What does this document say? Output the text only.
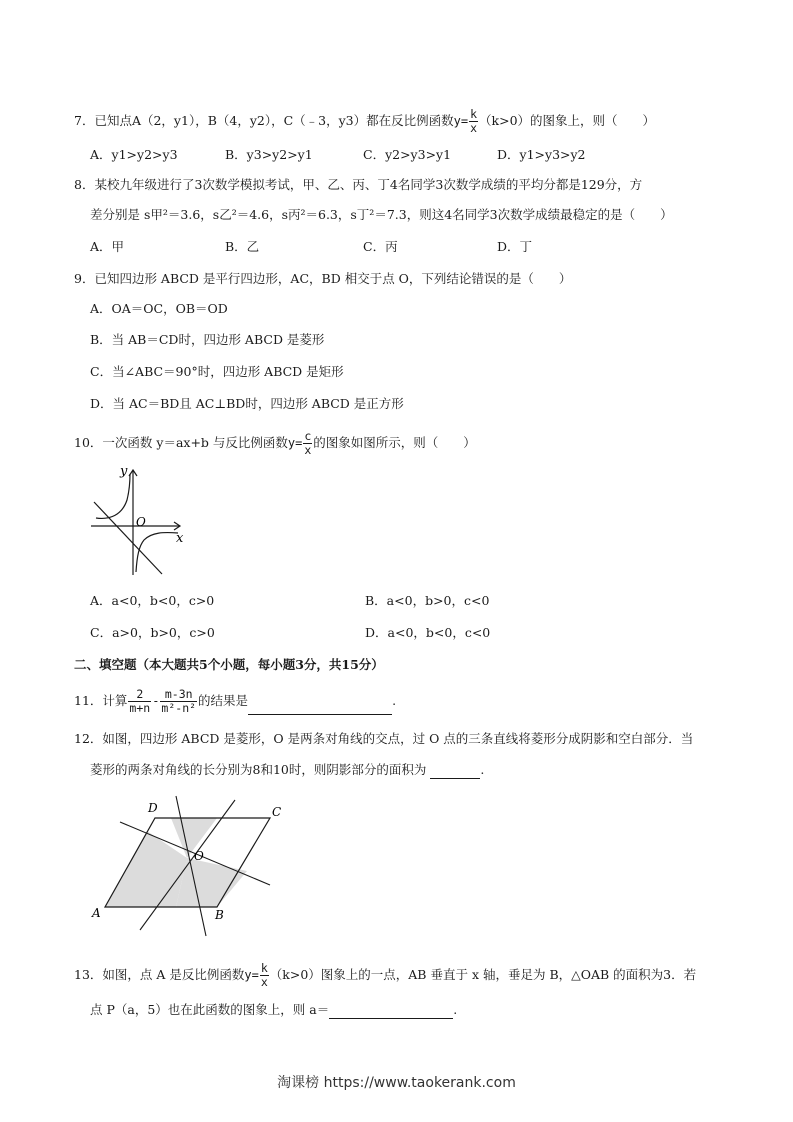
7．已知点A（2，y1），B（4，y2），C（﹣3，y3）都在反比例函数$y= \frac{k}{x} (k>0)$的图象上，则（　　）
A．y1>y2>y3	B．y3>y2>y1	C．y2>y3>y1	D．y1>y3>y2
8．某校九年级进行了3次数学模拟考试，甲、乙、丙、丁4名同学3次数学成绩的平均分都是129分，方
差分别是 s甲²＝3.6，s乙²＝4.6，s丙²＝6.3，s丁²＝7.3，则这4名同学3次数学成绩最稳定的是（　　）
A．甲	B．乙	C．丙	D．丁
9．已知四边形 ABCD 是平行四边形，AC，BD 相交于点 O，下列结论错误的是（　　）
A．OA＝OC，OB＝OD
B．当 AB＝CD时，四边形 ABCD 是菱形
C．当∠ABC＝90°时，四边形 ABCD 是矩形
D．当 AC＝BD且 AC⊥BD时，四边形 ABCD 是正方形
10．一次函数 y＝ax+b 与反比例函数$y= \frac{c}{x}$ 的图象如图所示，则（　　）
y
x
O
A．a<0，b<0，c>0	B．a<0，b>0，c<0
C．a>0，b>0，c>0	D．a<0，b<0，c<0
二、填空题（本大题共5个小题，每小题3分，共15分）
11．计算 $\frac{2}{m+n} - \frac{m-3n}{\text{m²-n²}}$ 的结果是	.
12．如图，四边形 ABCD 是菱形，O 是两条对角线的交点，过 O 点的三条直线将菱形分成阴影和空白部分．当
菱形的两条对角线的长分别为8和10时，则阴影部分的面积为	.
D	C
O
A	B
13．如图，点 A 是反比例函数$y= \frac{k}{x} (k>0)$图象上的一点，AB 垂直于 x 轴，垂足为 B，△OAB 的面积为3．若
点 P（a，5）也在此函数的图象上，则 a＝	.
淘课榜 https://www.taokerank.com
